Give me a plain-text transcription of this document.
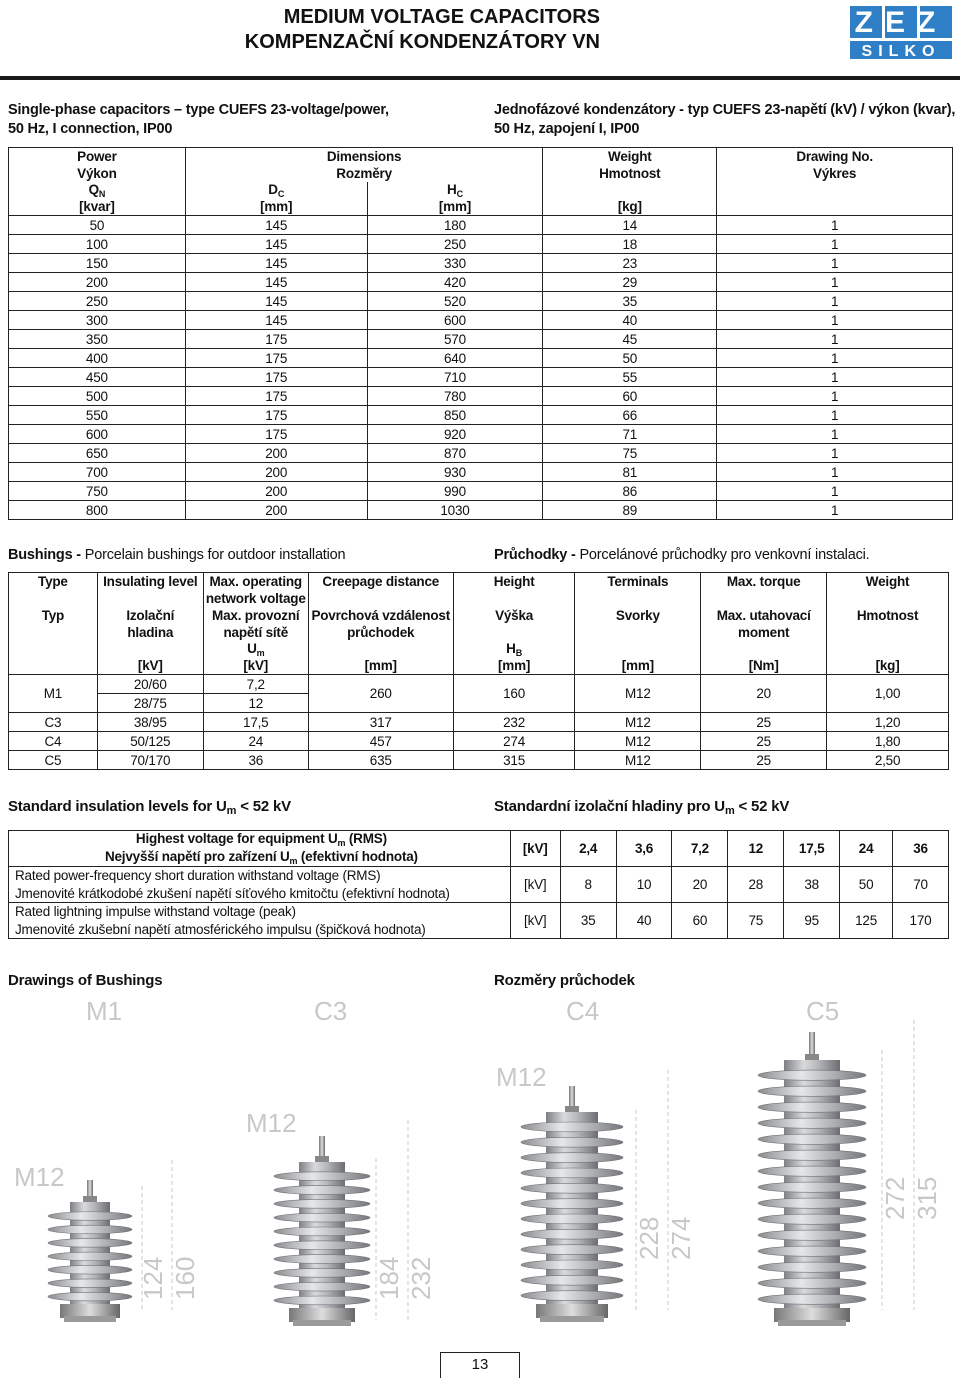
MEDIUM VOLTAGE CAPACITORS
KOMPENZAČNÍ KONDENZÁTORY VN
ZEZ
SILKO
Single-phase capacitors – type CUEFS 23-voltage/power,
50 Hz, I connection, IP00
Jednofázové kondenzátory - typ CUEFS 23-napětí (kV) / výkon (kvar),
50 Hz, zapojení I, IP00
Power	Dimensions		Weight	Drawing No.
Výkon	Rozměry		Hmotnost	Výkres
$Q_N$	$D_C$	$H_C$		
[kvar]	[mm]	[mm]	[kg]	
50	145	180	14	1
100	145	250	18	1
150	145	330	23	1
200	145	420	29	1
250	145	520	35	1
300	145	600	40	1
350	175	570	45	1
400	175	640	50	1
450	175	710	55	1
500	175	780	60	1
550	175	850	66	1
600	175	920	71	1
650	200	870	75	1
700	200	930	81	1
750	200	990	86	1
800	200	1030	89	1
Bushings - Porcelain bushings for outdoor installation	Průchodky - Porcelánové průchodky pro venkovní instalaci.
Type	Insulating level	Max. operating	Creepage distance	Height	Terminals	Max. torque	Weight
		network voltage					
Typ	Izolační	Max. provozní	Povrchová vzdálenost	Výška	Svorky	Max. utahovací	Hmotnost
	hladina	napětí sítě	průchodek			moment	
		$U_m$		$H_B$			
	[kV]	[kV]	[mm]	[mm]	[mm]	[Nm]	[kg]
M1	20/60	7,2	260	160	M12	20	1,00
	28/75	12					
C3	38/95	17,5	317	232	M12	25	1,20
C4	50/125	24	457	274	M12	25	1,80
C5	70/170	36	635	315	M12	25	2,50
Standard insulation levels for $U_m < 52$ kV	Standardní izolační hladiny pro $U_m < 52$ kV
Highest voltage for equipment $U_m$ (RMS)	[kV]	2,4	3,6	7,2	12	17,5	24	36
Nejvyšší napětí pro zařízení $U_m$ (efektivní hodnota)								
Rated power-frequency short duration withstand voltage (RMS)	[kV]	8	10	20	28	38	50	70
Jmenovité krátkodobé zkušení napětí síťového kmitočtu (efektivní hodnota)								
Rated lightning impulse withstand voltage (peak)	[kV]	35	40	60	75	95	125	170
Jmenovité zkušební napětí atmosférického impulsu (špičková hodnota)								
Drawings of Bushings	Rozměry průchodek
M1	C3	C4	C5
M12
M12
M12
124 160	184 232
228 274
272 315
13
